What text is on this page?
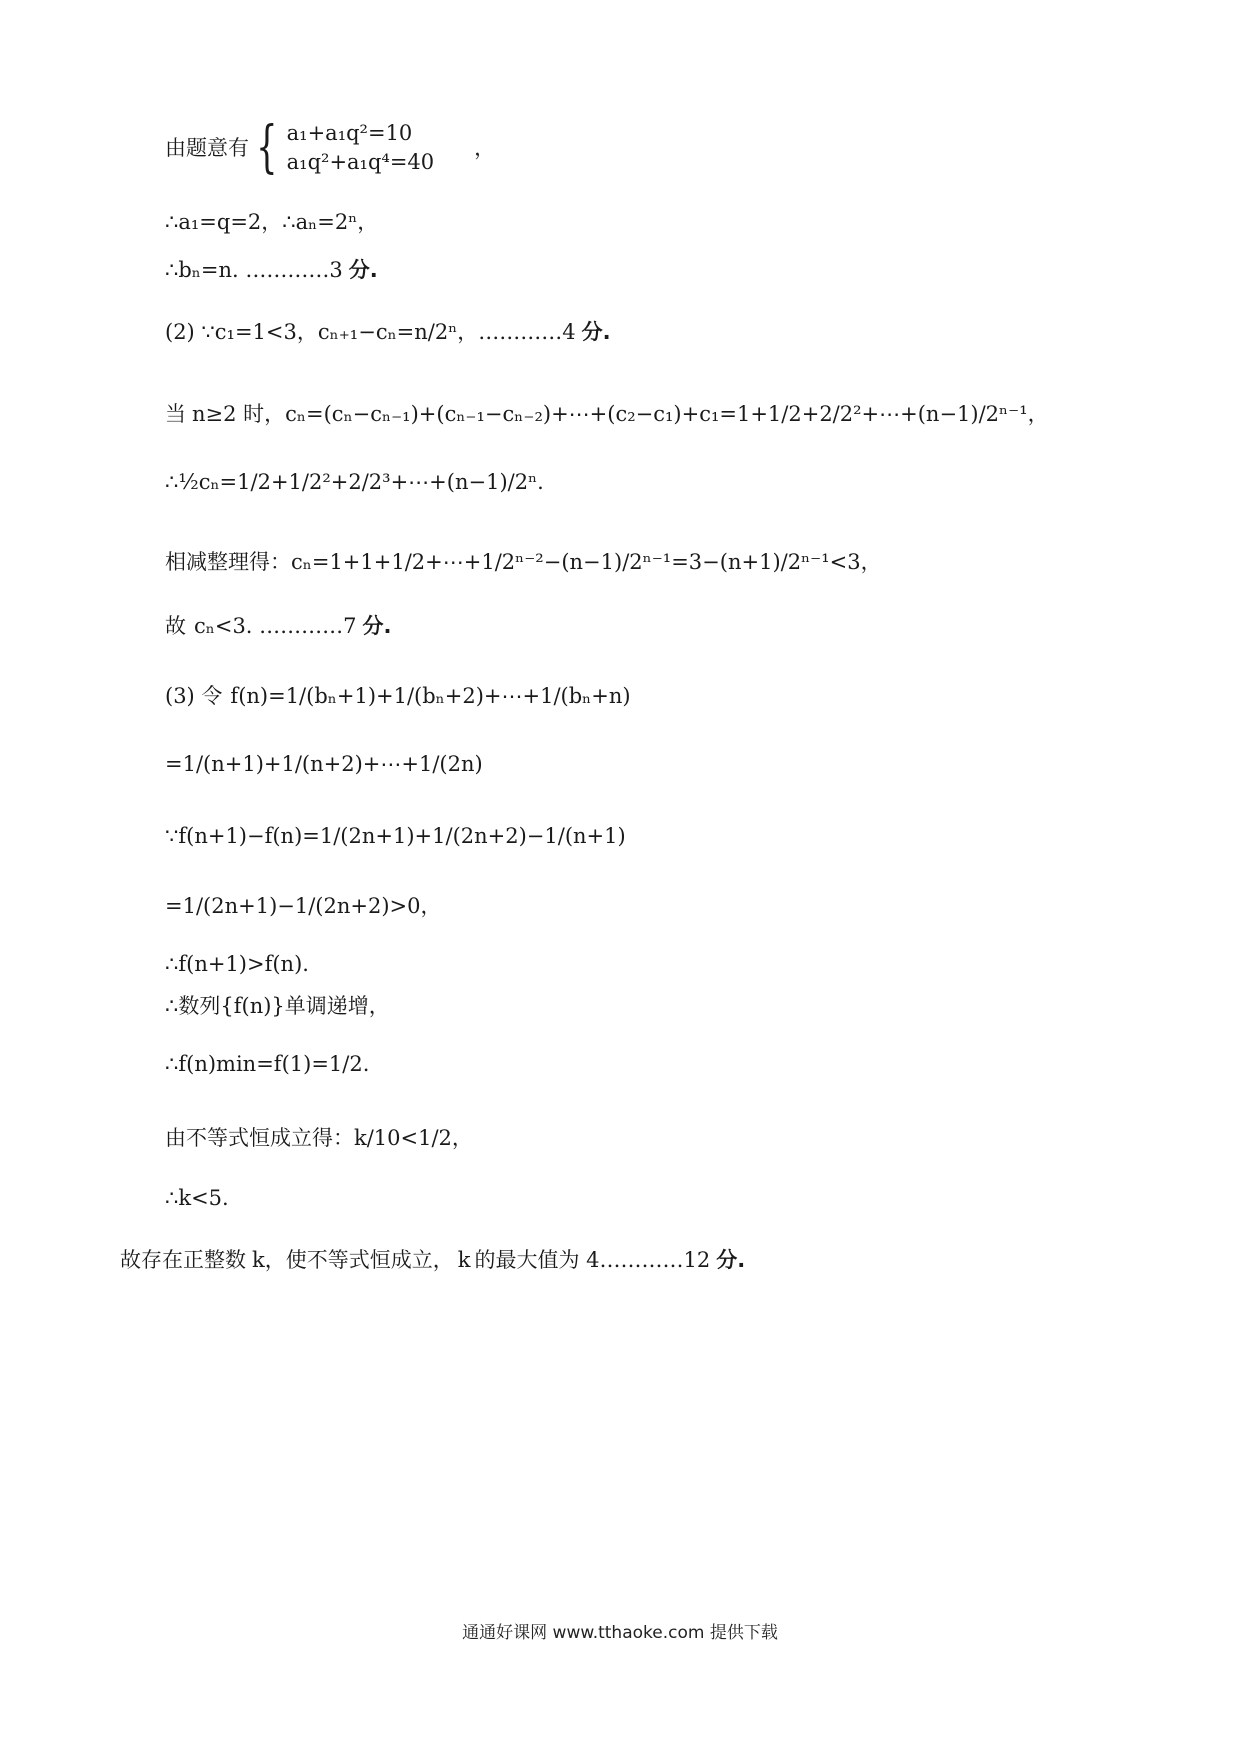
由题意有 { a₁+a₁q²=10
a₁q²+a₁q⁴=40
，
∴a₁=q=2，∴aₙ=2ⁿ，
∴bₙ=n. …………3 分.
(2) ∵c₁=1<3，cₙ₊₁−cₙ=n/2ⁿ，…………4 分.
当 n≥2 时， cₙ=(cₙ−cₙ₋₁)+(cₙ₋₁−cₙ₋₂)+⋯+(c₂−c₁)+c₁=1+1/2+2/2²+⋯+(n−1)/2ⁿ⁻¹，
∴½cₙ=1/2+1/2²+2/2³+⋯+(n−1)/2ⁿ.
相减整理得： cₙ=1+1+1/2+⋯+1/2ⁿ⁻²−(n−1)/2ⁿ⁻¹=3−(n+1)/2ⁿ⁻¹<3，
故 cₙ<3. …………7 分.
(3) 令 f(n)=1/(bₙ+1)+1/(bₙ+2)+⋯+1/(bₙ+n)
=1/(n+1)+1/(n+2)+⋯+1/(2n)
∵f(n+1)−f(n)=1/(2n+1)+1/(2n+2)−1/(n+1)
=1/(2n+1)−1/(2n+2)>0，
∴f(n+1)>f(n).
∴数列 {f(n)} 单调递增，
∴f(n)min=f(1)=1/2.
由不等式恒成立得： k/10<1/2，
∴k<5.
故存在正整数 k，使不等式恒成立， k 的最大值为 4…………12 分.
通通好课网 www.tthaoke.com 提供下载
